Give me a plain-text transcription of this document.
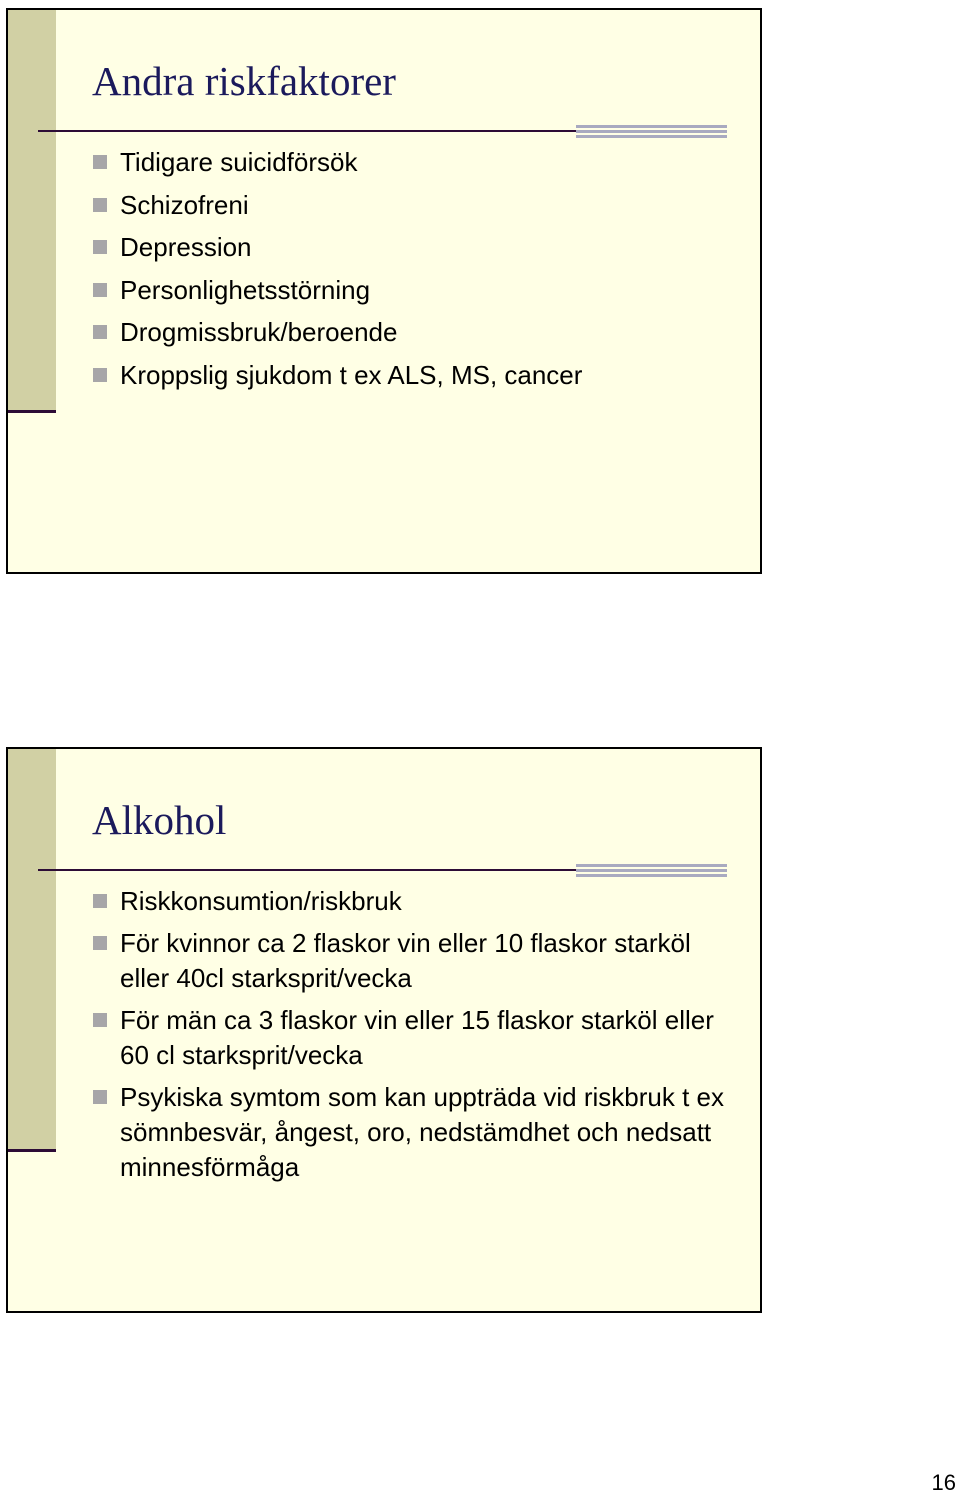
Andra riskfaktorer
Tidigare suicidförsök
Schizofreni
Depression
Personlighetsstörning
Drogmissbruk/beroende
Kroppslig sjukdom t ex ALS, MS, cancer
Alkohol
Riskkonsumtion/riskbruk
För kvinnor ca 2 flaskor vin eller 10 flaskor starköl eller 40cl starksprit/vecka
För män ca 3 flaskor vin eller 15 flaskor starköl eller 60 cl starksprit/vecka
Psykiska symtom som kan uppträda vid riskbruk t ex sömnbesvär, ångest, oro, nedstämdhet och nedsatt minnesförmåga
16
